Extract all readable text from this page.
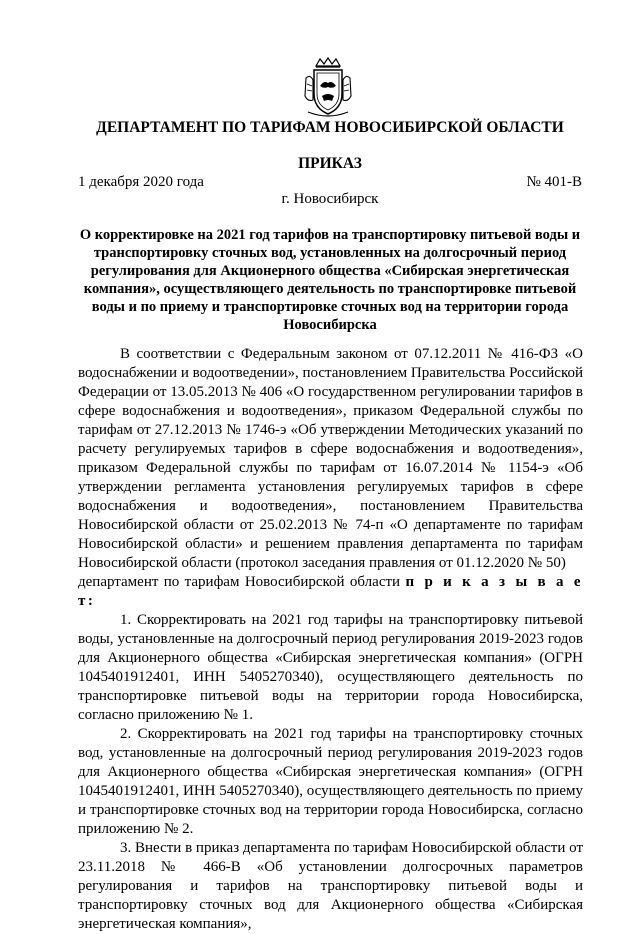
ДЕПАРТАМЕНТ ПО ТАРИФАМ НОВОСИБИРСКОЙ ОБЛАСТИ
ПРИКАЗ
1 декабря 2020 года	№ 401-В
г. Новосибирск
О корректировке на 2021 год тарифов на транспортировку питьевой воды и транспортировку сточных вод, установленных на долгосрочный период регулирования для Акционерного общества «Сибирская энергетическая компания», осуществляющего деятельность по транспортировке питьевой воды и по приему и транспортировке сточных вод на территории города Новосибирска

В соответствии с Федеральным законом от 07.12.2011 № 416-ФЗ «О водоснабжении и водоотведении», постановлением Правительства Российской Федерации от 13.05.2013 № 406 «О государственном регулировании тарифов в сфере водоснабжения и водоотведения», приказом Федеральной службы по тарифам от 27.12.2013 № 1746-э «Об утверждении Методических указаний по расчету регулируемых тарифов в сфере водоснабжения и водоотведения», приказом Федеральной службы по тарифам от 16.07.2014 № 1154-э «Об утверждении регламента установления регулируемых тарифов в сфере водоснабжения и водоотведения», постановлением Правительства Новосибирской области от 25.02.2013 № 74-п «О департаменте по тарифам Новосибирской области» и решением правления департамента по тарифам Новосибирской области (протокол заседания правления от 01.12.2020 № 50)

департамент по тарифам Новосибирской области п р и к а з ы в а е т:

1. Скорректировать на 2021 год тарифы на транспортировку питьевой воды, установленные на долгосрочный период регулирования 2019-2023 годов для Акционерного общества «Сибирская энергетическая компания» (ОГРН 1045401912401, ИНН 5405270340), осуществляющего деятельность по транспортировке питьевой воды на территории города Новосибирска, согласно приложению № 1.

2. Скорректировать на 2021 год тарифы на транспортировку сточных вод, установленные на долгосрочный период регулирования 2019-2023 годов для Акционерного общества «Сибирская энергетическая компания» (ОГРН 1045401912401, ИНН 5405270340), осуществляющего деятельность по приему и транспортировке сточных вод на территории города Новосибирска, согласно приложению № 2.

3. Внести в приказ департамента по тарифам Новосибирской области от 23.11.2018 № 466-В «Об установлении долгосрочных параметров регулирования и тарифов на транспортировку питьевой воды и транспортировку сточных вод для Акционерного общества «Сибирская энергетическая компания»,
